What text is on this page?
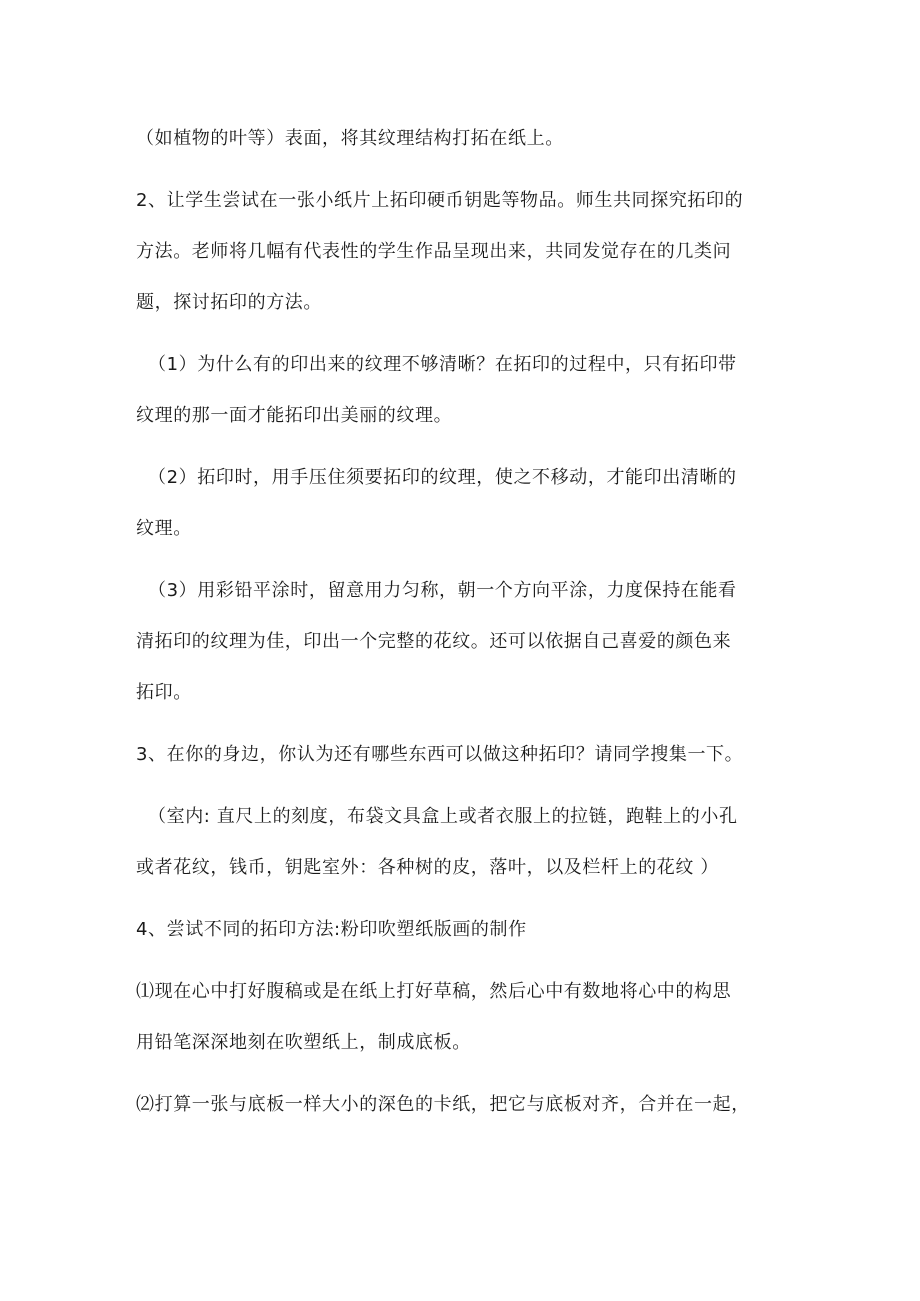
（如植物的叶等）表面，将其纹理结构打拓在纸上。
2、让学生尝试在一张小纸片上拓印硬币钥匙等物品。师生共同探究拓印的
方法。老师将几幅有代表性的学生作品呈现出来，共同发觉存在的几类问
题，探讨拓印的方法。
（1）为什么有的印出来的纹理不够清晰？在拓印的过程中，只有拓印带
纹理的那一面才能拓印出美丽的纹理。
（2）拓印时，用手压住须要拓印的纹理，使之不移动，才能印出清晰的
纹理。
（3）用彩铅平涂时，留意用力匀称，朝一个方向平涂，力度保持在能看
清拓印的纹理为佳，印出一个完整的花纹。还可以依据自己喜爱的颜色来
拓印。
3、在你的身边，你认为还有哪些东西可以做这种拓印？请同学搜集一下。
（室内: 直尺上的刻度，布袋文具盒上或者衣服上的拉链，跑鞋上的小孔
或者花纹，钱币，钥匙室外：各种树的皮，落叶，以及栏杆上的花纹 ）
4、尝试不同的拓印方法:粉印吹塑纸版画的制作
⑴现在心中打好腹稿或是在纸上打好草稿，然后心中有数地将心中的构思
用铅笔深深地刻在吹塑纸上，制成底板。
⑵打算一张与底板一样大小的深色的卡纸，把它与底板对齐，合并在一起，
